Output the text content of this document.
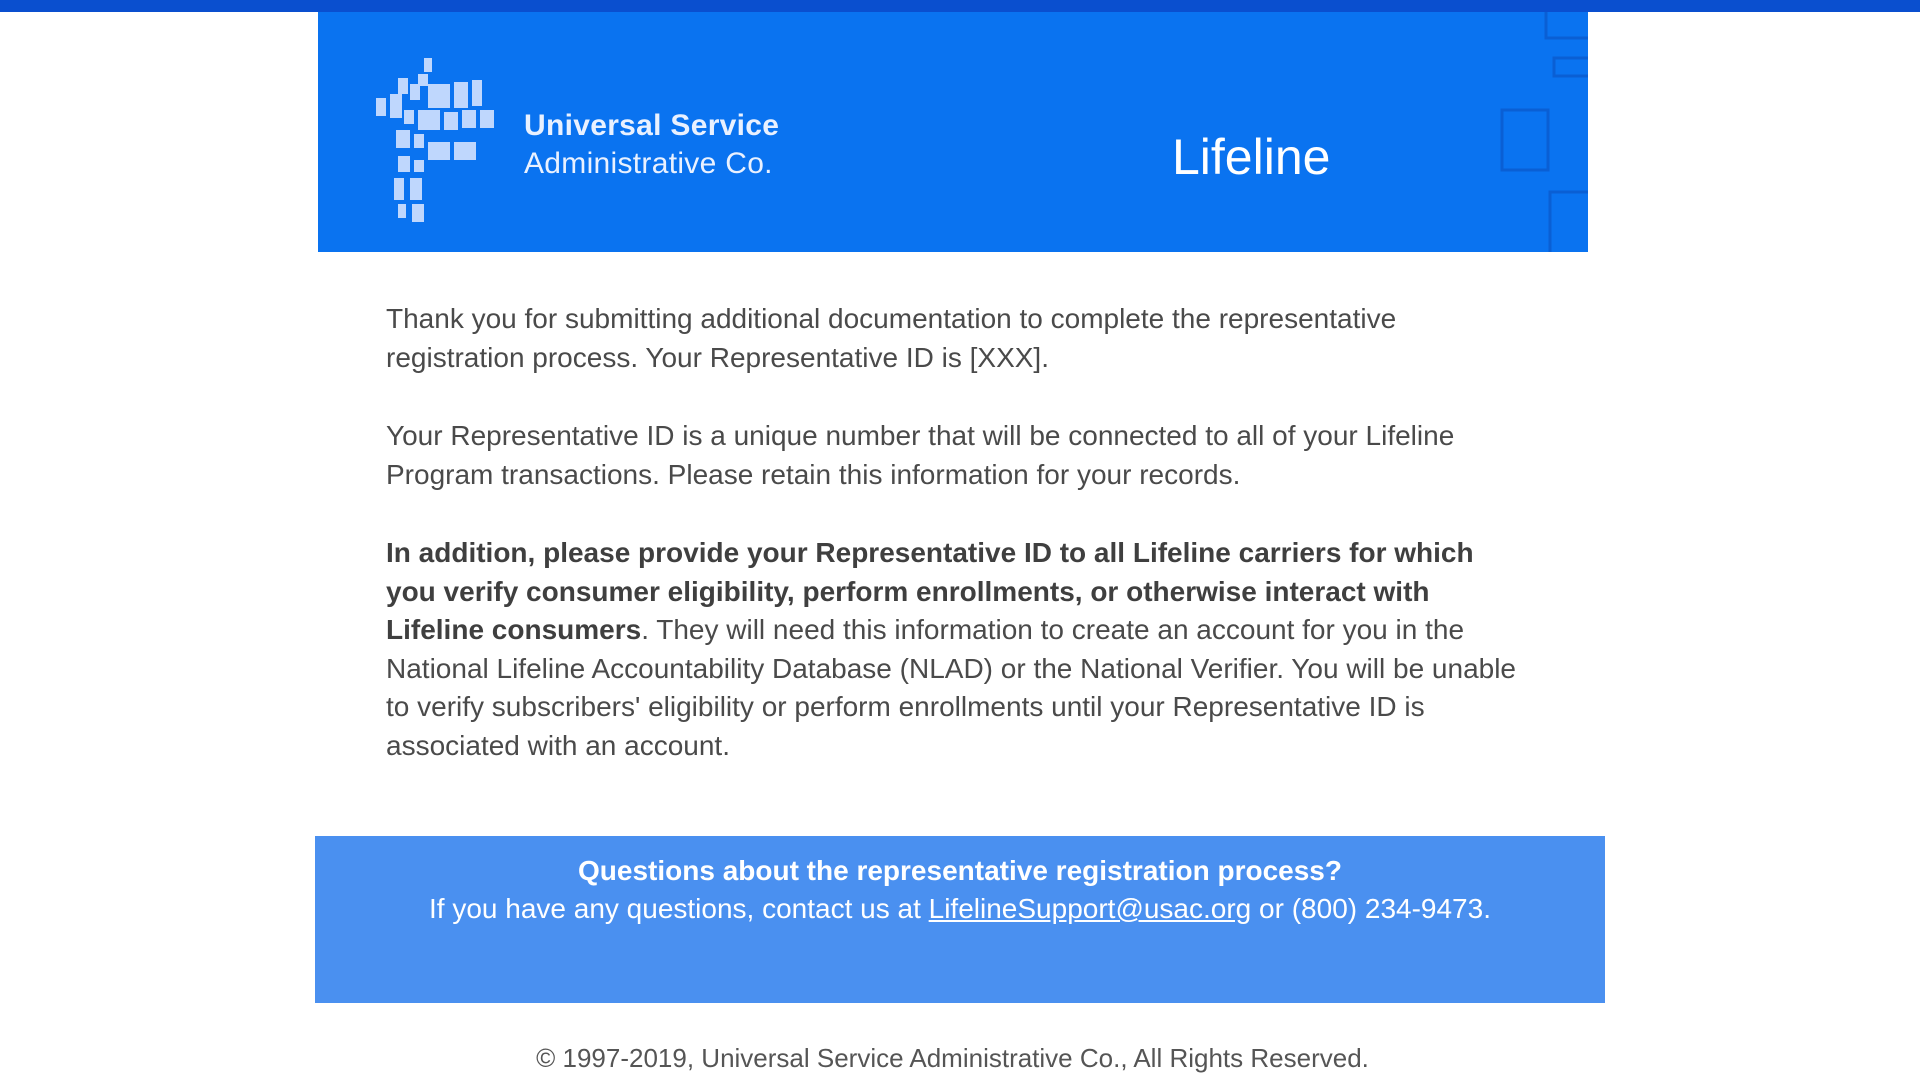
Universal Service
Administrative Co.	Lifeline

Thank you for submitting additional documentation to complete the representative registration process. Your Representative ID is [XXX].

Your Representative ID is a unique number that will be connected to all of your Lifeline Program transactions. Please retain this information for your records.

In addition, please provide your Representative ID to all Lifeline carriers for which you verify consumer eligibility, perform enrollments, or otherwise interact with Lifeline consumers. They will need this information to create an account for you in the National Lifeline Accountability Database (NLAD) or the National Verifier. You will be unable to verify subscribers' eligibility or perform enrollments until your Representative ID is associated with an account.

Questions about the representative registration process?
If you have any questions, contact us at LifelineSupport@usac.org or (800) 234-9473.
© 1997-2019, Universal Service Administrative Co., All Rights Reserved.
